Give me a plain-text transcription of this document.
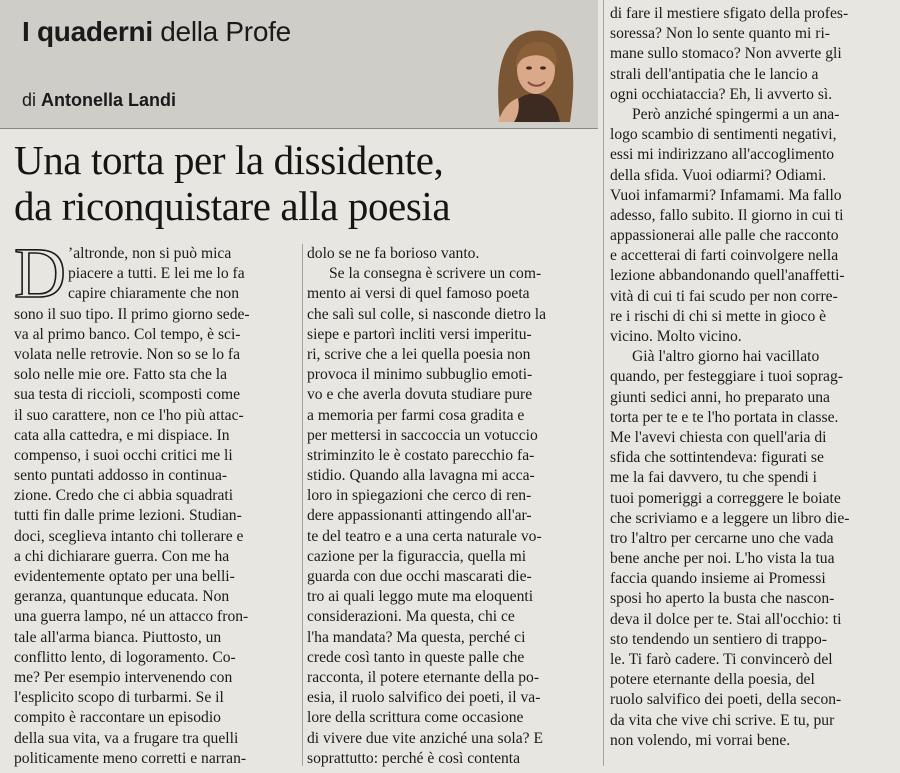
I quaderni della Profe
di Antonella Landi
Una torta per la dissidente,
da riconquistare alla poesia
D ’altronde, non si può mica
piacere a tutti. E lei me lo fa
capire chiaramente che non
sono il suo tipo. Il primo giorno sede-
va al primo banco. Col tempo, è sci-
volata nelle retrovie. Non so se lo fa
solo nelle mie ore. Fatto sta che la
sua testa di riccioli, scomposti come
il suo carattere, non ce l'ho più attac-
cata alla cattedra, e mi dispiace. In
compenso, i suoi occhi critici me li
sento puntati addosso in continua-
zione. Credo che ci abbia squadrati
tutti fin dalle prime lezioni. Studian-
doci, sceglieva intanto chi tollerare e
a chi dichiarare guerra. Con me ha
evidentemente optato per una belli-
geranza, quantunque educata. Non
una guerra lampo, né un attacco fron-
tale all'arma bianca. Piuttosto, un
conflitto lento, di logoramento. Co-
me? Per esempio intervenendo con
l'esplicito scopo di turbarmi. Se il
compito è raccontare un episodio
della sua vita, va a frugare tra quelli
politicamente meno corretti e narran-
dolo se ne fa borioso vanto.
Se la consegna è scrivere un com-
mento ai versi di quel famoso poeta
che salì sul colle, si nasconde dietro la
siepe e partorì incliti versi imperitu-
ri, scrive che a lei quella poesia non
provoca il minimo subbuglio emoti-
vo e che averla dovuta studiare pure
a memoria per farmi cosa gradita e
per mettersi in saccoccia un votuccio
striminzito le è costato parecchio fa-
stidio. Quando alla lavagna mi acca-
loro in spiegazioni che cerco di ren-
dere appassionanti attingendo all'ar-
te del teatro e a una certa naturale vo-
cazione per la figuraccia, quella mi
guarda con due occhi mascarati die-
tro ai quali leggo mute ma eloquenti
considerazioni. Ma questa, chi ce
l'ha mandata? Ma questa, perché ci
crede così tanto in queste palle che
racconta, il potere eternante della po-
esia, il ruolo salvifico dei poeti, il va-
lore della scrittura come occasione
di vivere due vite anziché una sola? E
soprattutto: perché è così contenta
di fare il mestiere sfigato della profes-
soressa? Non lo sente quanto mi ri-
mane sullo stomaco? Non avverte gli
strali dell'antipatia che le lancio a
ogni occhiataccia? Eh, li avverto sì.
Però anziché spingermi a un ana-
logo scambio di sentimenti negativi,
essi mi indirizzano all'accoglimento
della sfida. Vuoi odiarmi? Odiami.
Vuoi infamarmi? Infamami. Ma fallo
adesso, fallo subito. Il giorno in cui ti
appassionerai alle palle che racconto
e accetterai di farti coinvolgere nella
lezione abbandonando quell'anaffetti-
vità di cui ti fai scudo per non corre-
re i rischi di chi si mette in gioco è
vicino. Molto vicino.
Già l'altro giorno hai vacillato
quando, per festeggiare i tuoi soprag-
giunti sedici anni, ho preparato una
torta per te e te l'ho portata in classe.
Me l'avevi chiesta con quell'aria di
sfida che sottintendeva: figurati se
me la fai davvero, tu che spendi i
tuoi pomeriggi a correggere le boiate
che scriviamo e a leggere un libro die-
tro l'altro per cercarne uno che vada
bene anche per noi. L'ho vista la tua
faccia quando insieme ai Promessi
sposi ho aperto la busta che nascon-
deva il dolce per te. Stai all'occhio: ti
sto tendendo un sentiero di trappo-
le. Ti farò cadere. Ti convincerò del
potere eternante della poesia, del
ruolo salvifico dei poeti, della secon-
da vita che vive chi scrive. E tu, pur
non volendo, mi vorrai bene.
